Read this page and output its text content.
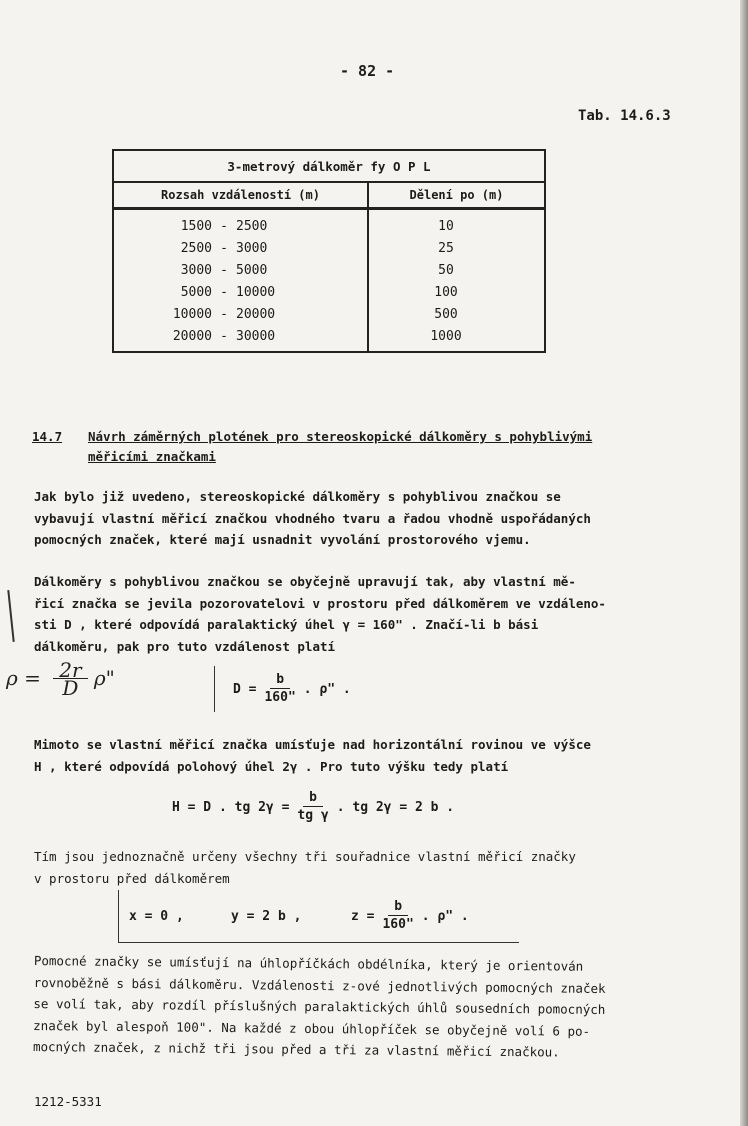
- 82 -
Tab. 14.6.3
3-metrový dálkoměr fy O P L
Rozsah vzdáleností (m)	Dělení po (m)
1500 - 2500	10
2500 - 3000	25
3000 - 5000	50
5000 - 10000	100
10000 - 20000	500
20000 - 30000	1000
14.7 Návrh záměrných plotének pro stereoskopické dálkoměry s pohyblivými
měřicími značkami

Jak bylo již uvedeno, stereoskopické dálkoměry s pohyblivou značkou se

vybavují vlastní měřicí značkou vhodného tvaru a řadou vhodně uspořádaných

pomocných značek, které mají usnadnit vyvolání prostorového vjemu.

Dálkoměry s pohyblivou značkou se obyčejně upravují tak, aby vlastní mě-

řicí značka se jevila pozorovatelovi v prostoru před dálkoměrem ve vzdáleno-

sti D , které odpovídá paralaktický úhel γ = 160" . Značí-li b bási

dálkoměru, pak pro tuto vzdálenost platí

$\rho = \frac{2r}{D} \rho$"	$D = \frac{b}{160"}$ . ρ" .

Mimoto se vlastní měřicí značka umísťuje nad horizontální rovinou ve výšce

H , které odpovídá polohový úhel 2γ . Pro tuto výšku tedy platí

H = D . tg $2\gamma = \frac{b}{\text{tg γ}}$ . tg 2γ = 2 b .

Tím jsou jednoznačně určeny všechny tři souřadnice vlastní měřicí značky

v prostoru před dálkoměrem

x = 0 ,	y = 2 b ,	$z = \frac{b}{160"}$ . ρ" .

Pomocné značky se umísťují na úhlopříčkách obdélníka, který je orientován

rovnoběžně s bási dálkoměru. Vzdálenosti z-ové jednotlivých pomocných značek

se volí tak, aby rozdíl příslušných paralaktických úhlů sousedních pomocných

značek byl alespoň 100". Na každé z obou úhlopříček se obyčejně volí 6 po-

mocných značek, z nichž tři jsou před a tři za vlastní měřicí značkou.

1212-5331
